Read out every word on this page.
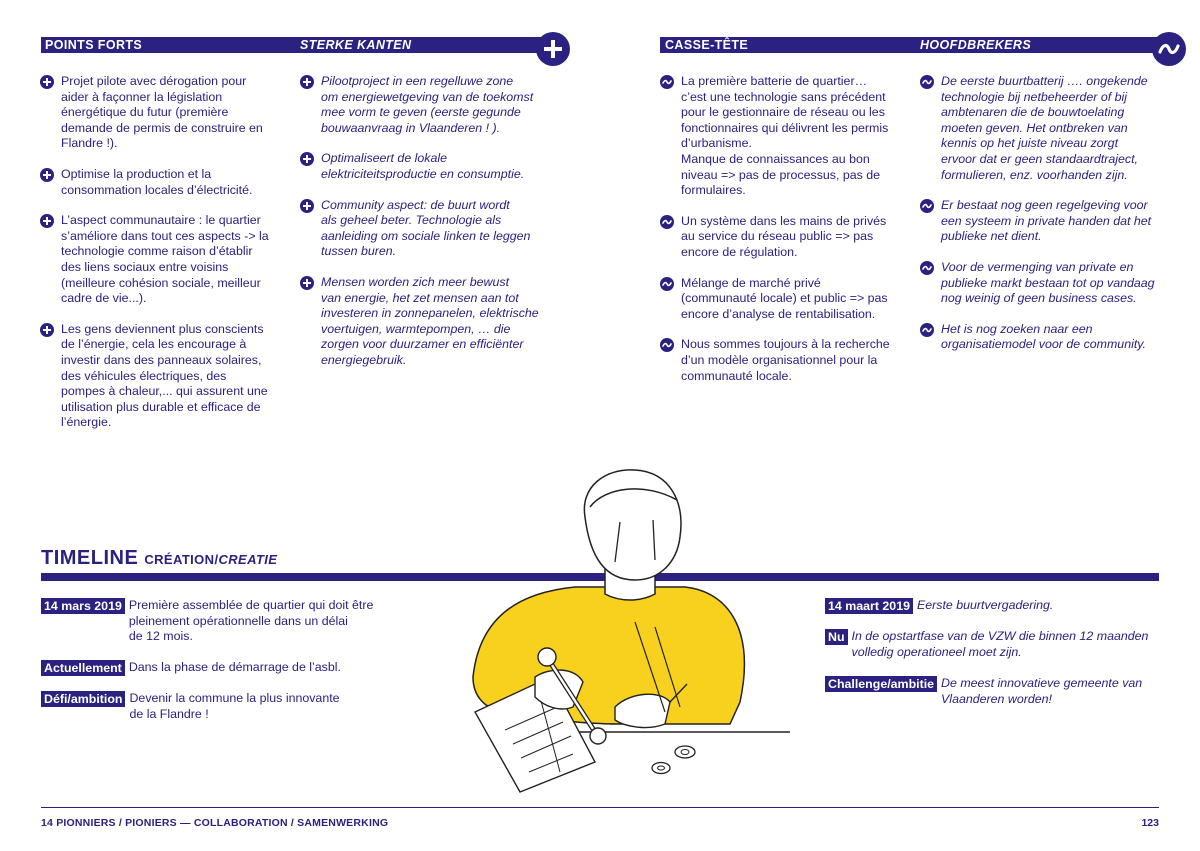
POINTS FORTS	STERKE KANTEN	CASSE-TÊTE	HOOFDBREKERS
Projet pilote avec dérogation pour
aider à façonner la législation
énergétique du futur (première
demande de permis de construire en
Flandre !).
Optimise la production et la
consommation locales d’électricité.
L’aspect communautaire : le quartier
s’améliore dans tout ces aspects -> la
technologie comme raison d’établir
des liens sociaux entre voisins
(meilleure cohésion sociale, meilleur
cadre de vie...).
Les gens deviennent plus conscients
de l’énergie, cela les encourage à
investir dans des panneaux solaires,
des véhicules électriques, des
pompes à chaleur,... qui assurent une
utilisation plus durable et efficace de
l’énergie.
Pilootproject in een regelluwe zone
om energiewetgeving van de toekomst
mee vorm te geven (eerste gegunde
bouwaanvraag in Vlaanderen ! ).
Optimaliseert de lokale
elektriciteitsproductie en consumptie.
Community aspect: de buurt wordt
als geheel beter. Technologie als
aanleiding om sociale linken te leggen
tussen buren.
Mensen worden zich meer bewust
van energie, het zet mensen aan tot
investeren in zonnepanelen, elektrische
voertuigen, warmtepompen, … die
zorgen voor duurzamer en efficiënter
energiegebruik.
La première batterie de quartier…
c’est une technologie sans précédent
pour le gestionnaire de réseau ou les
fonctionnaires qui délivrent les permis
d’urbanisme.
Manque de connaissances au bon
niveau => pas de processus, pas de
formulaires.
Un système dans les mains de privés
au service du réseau public => pas
encore de régulation.
Mélange de marché privé
(communauté locale) et public => pas
encore d’analyse de rentabilisation.
Nous sommes toujours à la recherche
d’un modèle organisationnel pour la
communauté locale.
De eerste buurtbatterij …. ongekende
technologie bij netbeheerder of bij
ambtenaren die de bouwtoelating
moeten geven. Het ontbreken van
kennis op het juiste niveau zorgt
ervoor dat er geen standaardtraject,
formulieren, enz. voorhanden zijn.
Er bestaat nog geen regelgeving voor
een systeem in private handen dat het
publieke net dient.
Voor de vermenging van private en
publieke markt bestaan tot op vandaag
nog weinig of geen business cases.
Het is nog zoeken naar een
organisatiemodel voor de community.
TIMELINE CRÉATION/CREATIE
14 mars 2019 Première assemblée de quartier qui doit être
pleinement opérationnelle dans un délai
de 12 mois.
Actuellement Dans la phase de démarrage de l’asbl.
Défi/ambition Devenir la commune la plus innovante
de la Flandre !
14 maart 2019 Eerste buurtvergadering.
Nu In de opstartfase van de VZW die binnen 12 maanden
volledig operationeel moet zijn.
Challenge/ambitie De meest innovatieve gemeente van
Vlaanderen worden!
14 PIONNIERS / PIONIERS — COLLABORATION / SAMENWERKING	123
